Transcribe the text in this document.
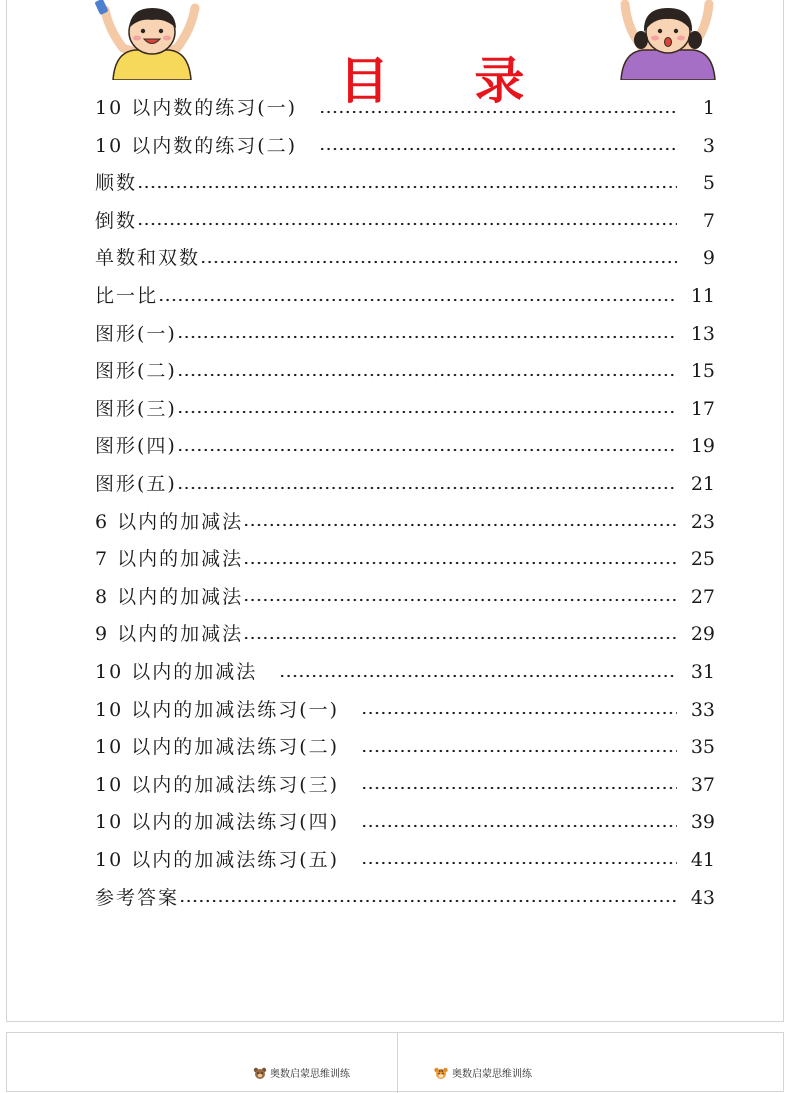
目 录
10 以内数的练习(一)	1
10 以内数的练习(二)	3
顺数	5
倒数	7
单数和双数	9
比一比	11
图形(一)	13
图形(二)	15
图形(三)	17
图形(四)	19
图形(五)	21
6 以内的加减法	23
7 以内的加减法	25
8 以内的加减法	27
9 以内的加减法	29
10 以内的加减法	31
10 以内的加减法练习(一)	33
10 以内的加减法练习(二)	35
10 以内的加减法练习(三)	37
10 以内的加减法练习(四)	39
10 以内的加减法练习(五)	41
参考答案	43
奥数启蒙思维训练	奥数启蒙思维训练
